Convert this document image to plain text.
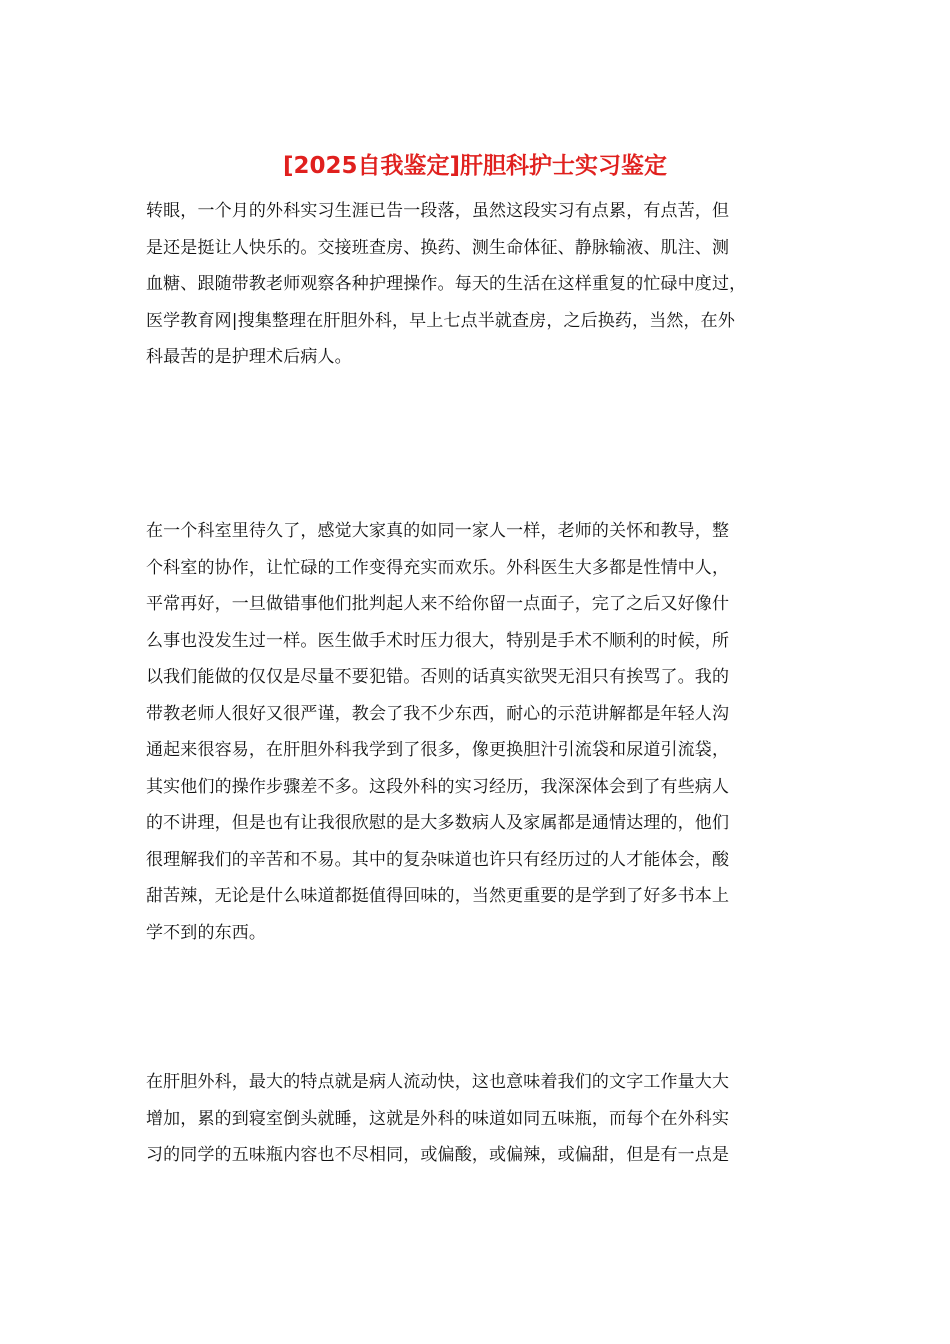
[2025自我鉴定]肝胆科护士实习鉴定
转眼，一个月的外科实习生涯已告一段落，虽然这段实习有点累，有点苦，但
是还是挺让人快乐的。交接班查房、换药、测生命体征、静脉输液、肌注、测
血糖、跟随带教老师观察各种护理操作。每天的生活在这样重复的忙碌中度过，
医学教育网|搜集整理在肝胆外科，早上七点半就查房，之后换药，当然，在外
科最苦的是护理术后病人。
在一个科室里待久了，感觉大家真的如同一家人一样，老师的关怀和教导，整
个科室的协作，让忙碌的工作变得充实而欢乐。外科医生大多都是性情中人，
平常再好，一旦做错事他们批判起人来不给你留一点面子，完了之后又好像什
么事也没发生过一样。医生做手术时压力很大，特别是手术不顺利的时候，所
以我们能做的仅仅是尽量不要犯错。否则的话真实欲哭无泪只有挨骂了。我的
带教老师人很好又很严谨，教会了我不少东西，耐心的示范讲解都是年轻人沟
通起来很容易，在肝胆外科我学到了很多，像更换胆汁引流袋和尿道引流袋，
其实他们的操作步骤差不多。这段外科的实习经历，我深深体会到了有些病人
的不讲理，但是也有让我很欣慰的是大多数病人及家属都是通情达理的，他们
很理解我们的辛苦和不易。其中的复杂味道也许只有经历过的人才能体会，酸
甜苦辣，无论是什么味道都挺值得回味的，当然更重要的是学到了好多书本上
学不到的东西。
在肝胆外科，最大的特点就是病人流动快，这也意味着我们的文字工作量大大
增加，累的到寝室倒头就睡，这就是外科的味道如同五味瓶，而每个在外科实
习的同学的五味瓶内容也不尽相同，或偏酸，或偏辣，或偏甜，但是有一点是
